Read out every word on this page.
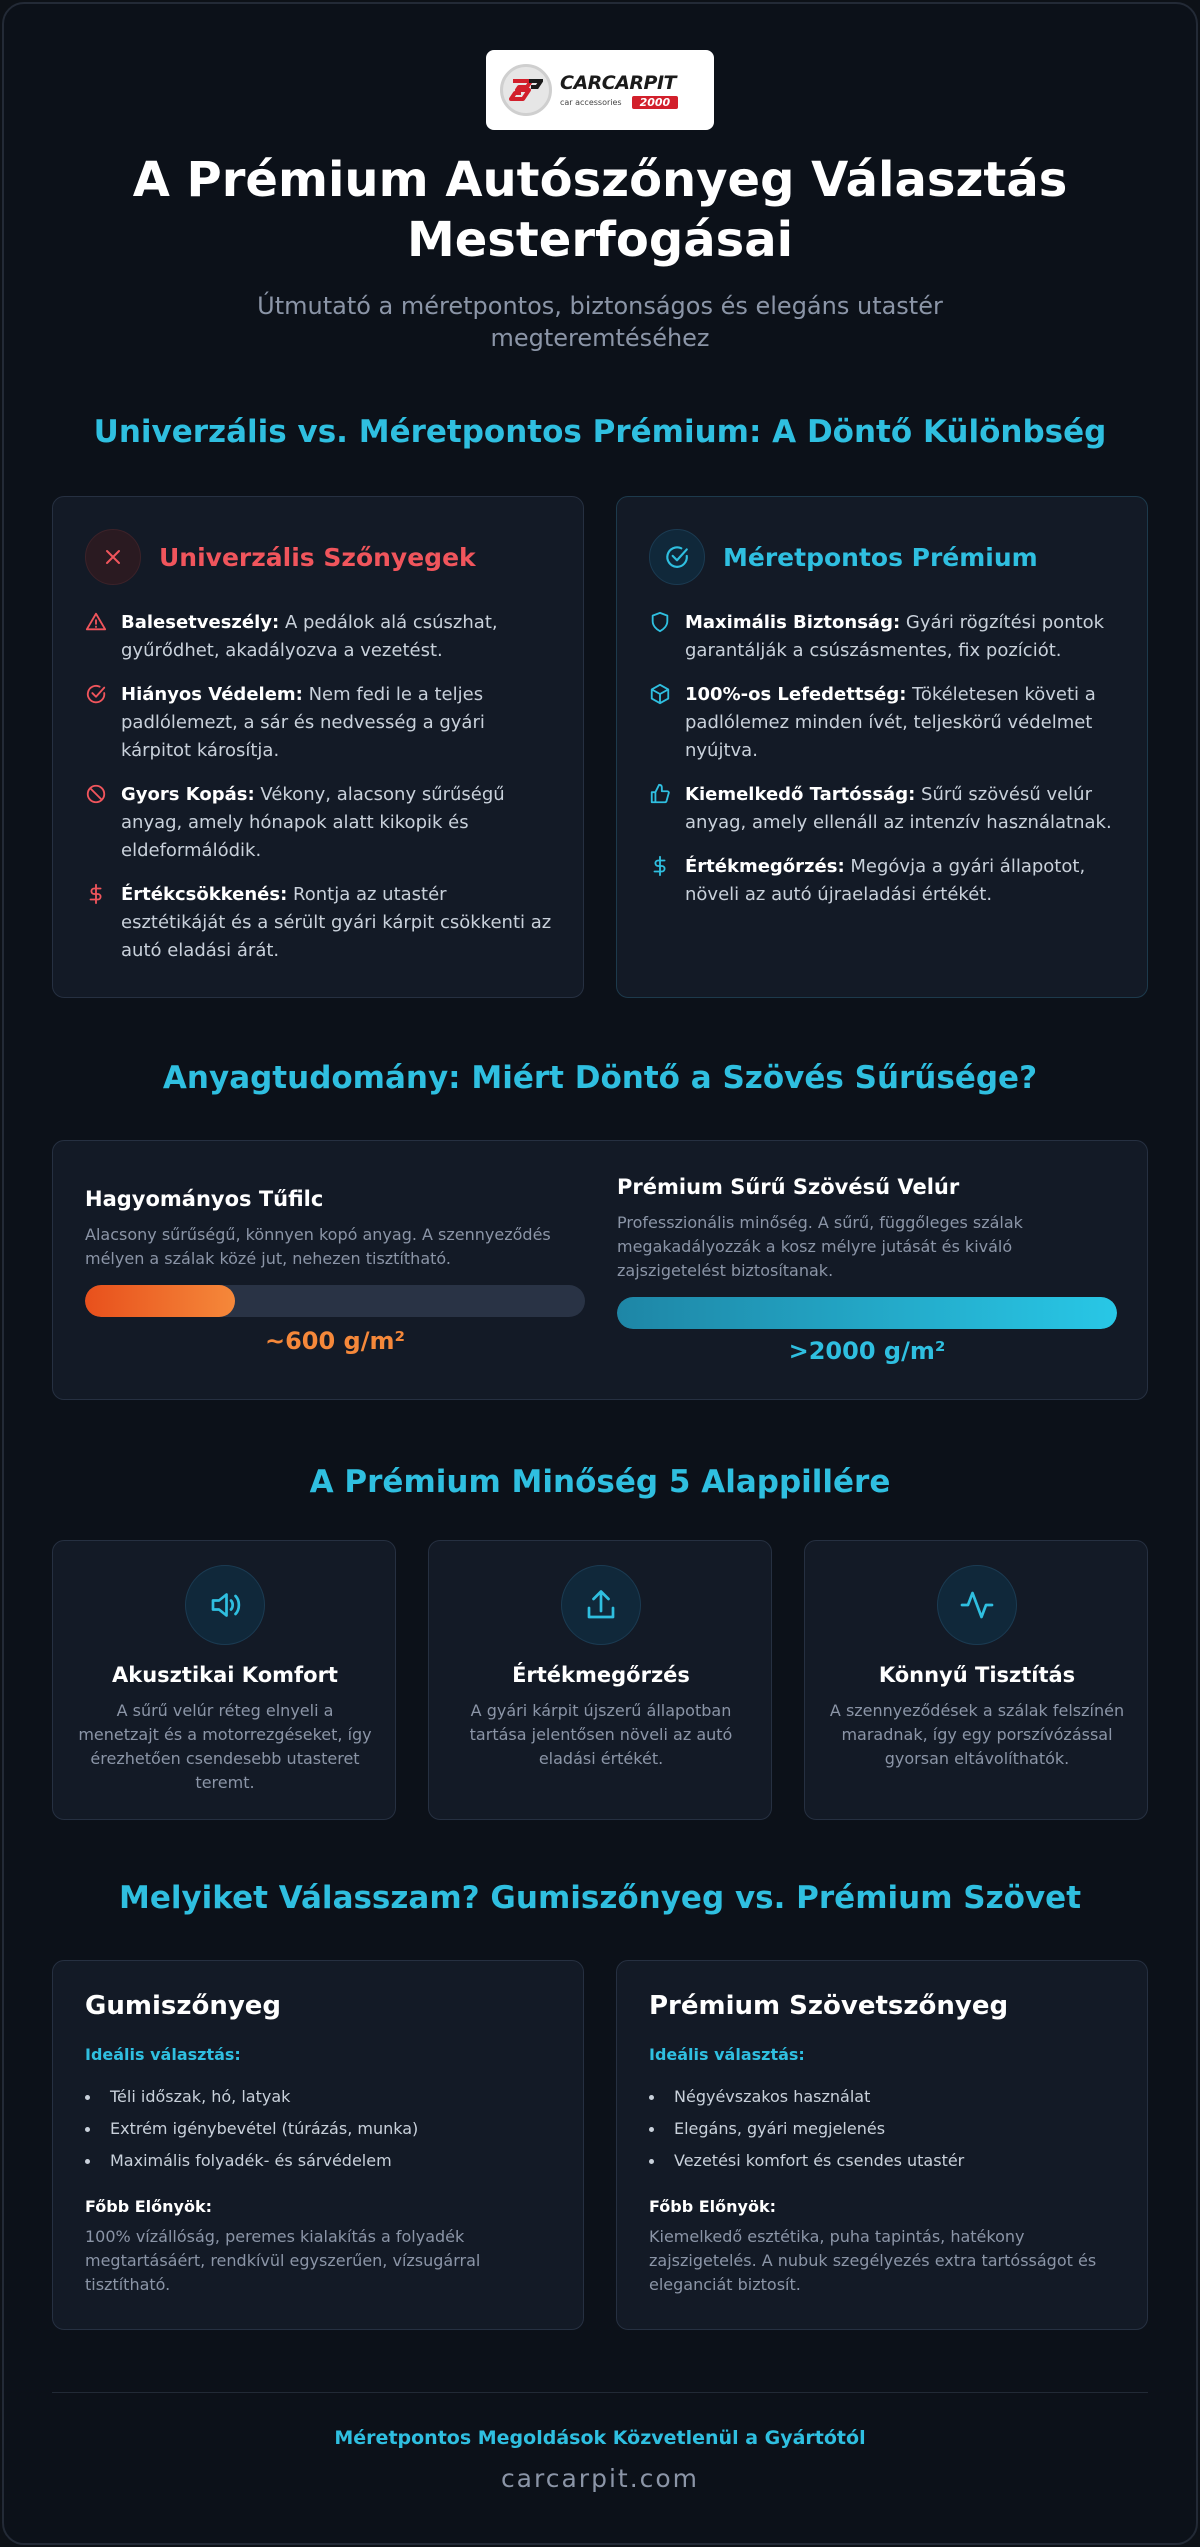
CARCARPIT
car accessories	2000
A Prémium Autószőnyeg Választás
Mesterfogásai
Útmutató a méretpontos, biztonságos és elegáns utastér
megteremtéséhez
Univerzális vs. Méretpontos Prémium: A Döntő Különbség
Univerzális Szőnyegek
Balesetveszély: A pedálok alá csúszhat, gyűrődhet, akadályozva a vezetést.
Hiányos Védelem: Nem fedi le a teljes padlólemezt, a sár és nedvesség a gyári kárpitot károsítja.
Gyors Kopás: Vékony, alacsony sűrűségű anyag, amely hónapok alatt kikopik és eldeformálódik.
Értékcsökkenés: Rontja az utastér esztétikáját és a sérült gyári kárpit csökkenti az autó eladási árát.
Méretpontos Prémium
Maximális Biztonság: Gyári rögzítési pontok garantálják a csúszásmentes, fix pozíciót.
100%-os Lefedettség: Tökéletesen követi a padlólemez minden ívét, teljeskörű védelmet nyújtva.
Kiemelkedő Tartósság: Sűrű szövésű velúr anyag, amely ellenáll az intenzív használatnak.
Értékmegőrzés: Megóvja a gyári állapotot, növeli az autó újraeladási értékét.
Anyagtudomány: Miért Döntő a Szövés Sűrűsége?
Hagyományos Tűfilc
Alacsony sűrűségű, könnyen kopó anyag. A szennyeződés mélyen a szálak közé jut, nehezen tisztítható.
~600 g/m²
Prémium Sűrű Szövésű Velúr
Professzionális minőség. A sűrű, függőleges szálak megakadályozzák a kosz mélyre jutását és kiváló zajszigetelést biztosítanak.
>2000 g/m²
A Prémium Minőség 5 Alappillére
Akusztikai Komfort
A sűrű velúr réteg elnyeli a menetzajt és a motorrezgéseket, így érezhetően csendesebb utasteret teremt.
Értékmegőrzés
A gyári kárpit újszerű állapotban tartása jelentősen növeli az autó eladási értékét.
Könnyű Tisztítás
A szennyeződések a szálak felszínén maradnak, így egy porszívózással gyorsan eltávolíthatók.
Melyiket Válasszam? Gumiszőnyeg vs. Prémium Szövet
Gumiszőnyeg
Ideális választás:
Téli időszak, hó, latyak
Extrém igénybevétel (túrázás, munka)
Maximális folyadék- és sárvédelem
Főbb Előnyök:
100% vízállóság, peremes kialakítás a folyadék megtartásáért, rendkívül egyszerűen, vízsugárral tisztítható.
Prémium Szövetszőnyeg
Ideális választás:
Négyévszakos használat
Elegáns, gyári megjelenés
Vezetési komfort és csendes utastér
Főbb Előnyök:
Kiemelkedő esztétika, puha tapintás, hatékony zajszigetelés. A nubuk szegélyezés extra tartósságot és eleganciát biztosít.
Méretpontos Megoldások Közvetlenül a Gyártótól
carcarpit.com
